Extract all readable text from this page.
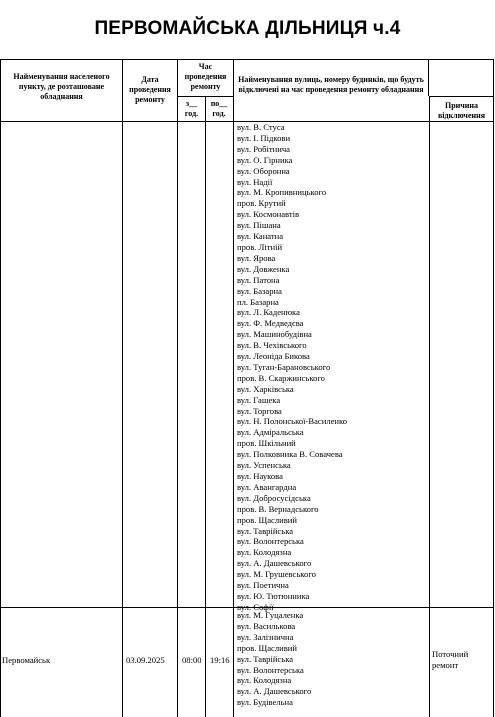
ПЕРВОМАЙСЬКА ДІЛЬНИЦЯ ч.4
Найменування населеного пункту, де розташоване обладнання
Дата проведення ремонту
Час проведення ремонту
з__ год.
по__ год.
Найменування вулиць, номеру будинків, що будуть відключені на час проведення ремонту обладнання
Причина відключення
вул. В. Стуса
вул. І. Підкови
вул. Робітнича
вул. О. Гірника
вул. Оборонна
вул. Надії
вул. М. Кропивницького
пров. Крутий
вул. Космонавтів
вул. Пішана
вул. Канатна
пров. Літній
вул. Ярова
вул. Довженка
вул. Патона
вул. Базарна
пл. Базарна
вул. Л. Каденюка
вул. Ф. Медведєва
вул. Машинобудівна
вул. В. Чехівського
вул. Леоніда Бикова
вул. Туган-Барановського
пров. В. Скаржинського
вул. Харківська
вул. Гашека
вул. Торгова
вул. Н. Полонської-Василенко
вул. Адміральська
пров. Шкільний
вул. Полковника В. Совачева
вул. Успенська
вул. Наукова
вул. Авангардна
вул. Добросусідська
пров. В. Вернадського
пров. Щасливий
вул. Таврійська
вул. Волонтерська
вул. Колодязна
вул. А. Дашевського
вул. М. Грушевського
вул. Поетична
вул. Ю. Тютюнника
вул. Софії
Первомайськ	03.09.2025 08:00 19:16
Поточний ремонт
вул. М. Гуцаленка
вул. Василькова
вул. Залізнична
пров. Щасливий
вул. Таврійська
вул. Волонтерська
вул. Колодязна
вул. А. Дашевського
вул. Будівельна
